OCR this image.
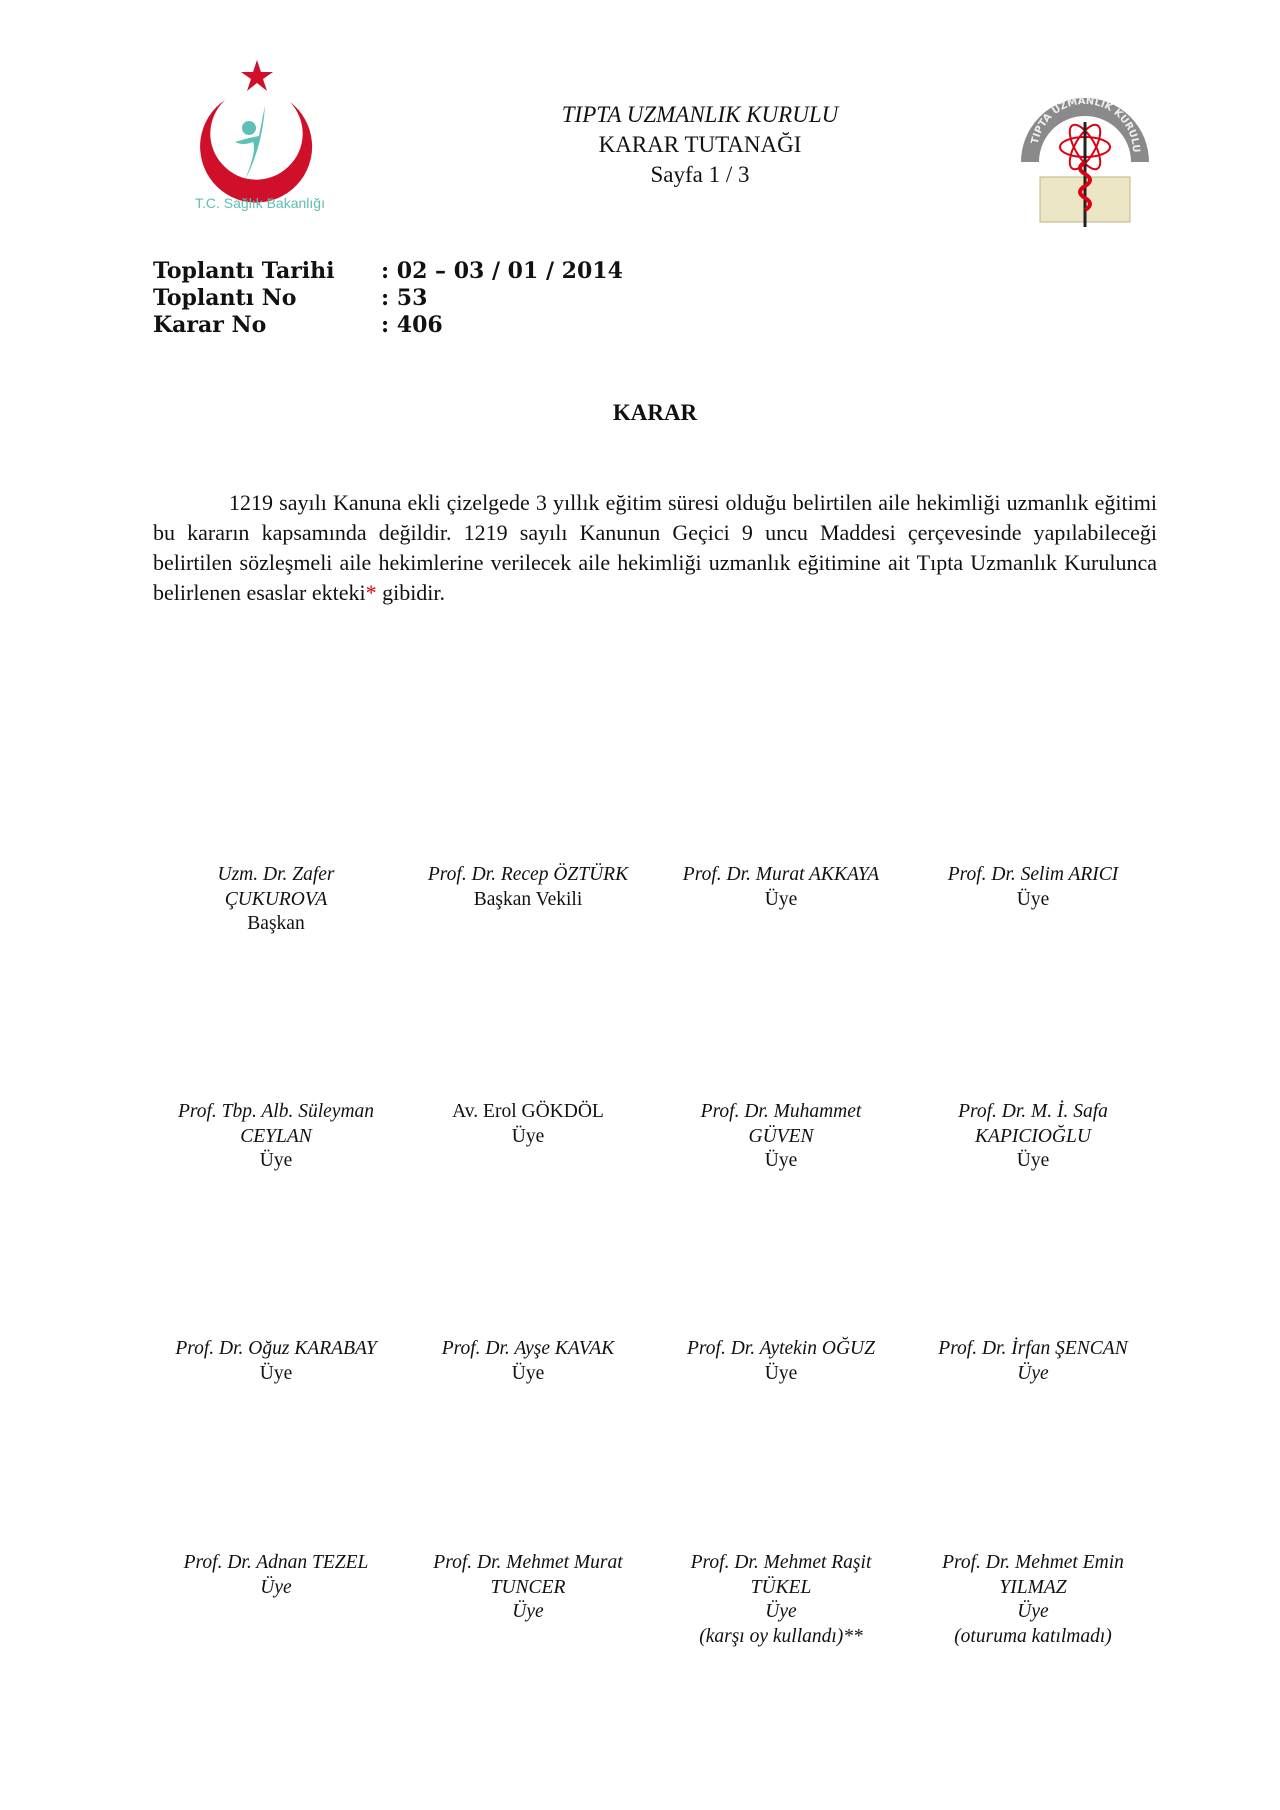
T.C. Sağlık Bakanlığı
TIPTA UZMANLIK KURULU
KARAR TUTANAĞI
Sayfa 1 / 3
TIPTA UZMANLIK KURULU
Toplantı Tarihi	: 02 – 03 / 01 / 2014
Toplantı No	: 53
Karar No	: 406
KARAR
1219 sayılı Kanuna ekli çizelgede 3 yıllık eğitim süresi olduğu belirtilen aile hekimliği uzmanlık eğitimi bu kararın kapsamında değildir. 1219 sayılı Kanunun Geçici 9 uncu Maddesi çerçevesinde yapılabileceği belirtilen sözleşmeli aile hekimlerine verilecek aile hekimliği uzmanlık eğitimine ait Tıpta Uzmanlık Kurulunca belirlenen esaslar ekteki* gibidir.
Uzm. Dr. Zafer
ÇUKUROVA
Başkan
Prof. Dr. Recep ÖZTÜRK
Başkan Vekili
Prof. Dr. Murat AKKAYA
Üye
Prof. Dr. Selim ARICI
Üye
Prof. Tbp. Alb. Süleyman
CEYLAN
Üye
Av. Erol GÖKDÖL
Üye
Prof. Dr. Muhammet
GÜVEN
Üye
Prof. Dr. M. İ. Safa
KAPICIOĞLU
Üye
Prof. Dr. Oğuz KARABAY
Üye
Prof. Dr. Ayşe KAVAK
Üye
Prof. Dr. Aytekin OĞUZ
Üye
Prof. Dr. İrfan ŞENCAN
Üye
Prof. Dr. Adnan TEZEL
Üye
Prof. Dr. Mehmet Murat
TUNCER
Üye
Prof. Dr. Mehmet Raşit
TÜKEL
Üye
(karşı oy kullandı)**
Prof. Dr. Mehmet Emin
YILMAZ
Üye
(oturuma katılmadı)
